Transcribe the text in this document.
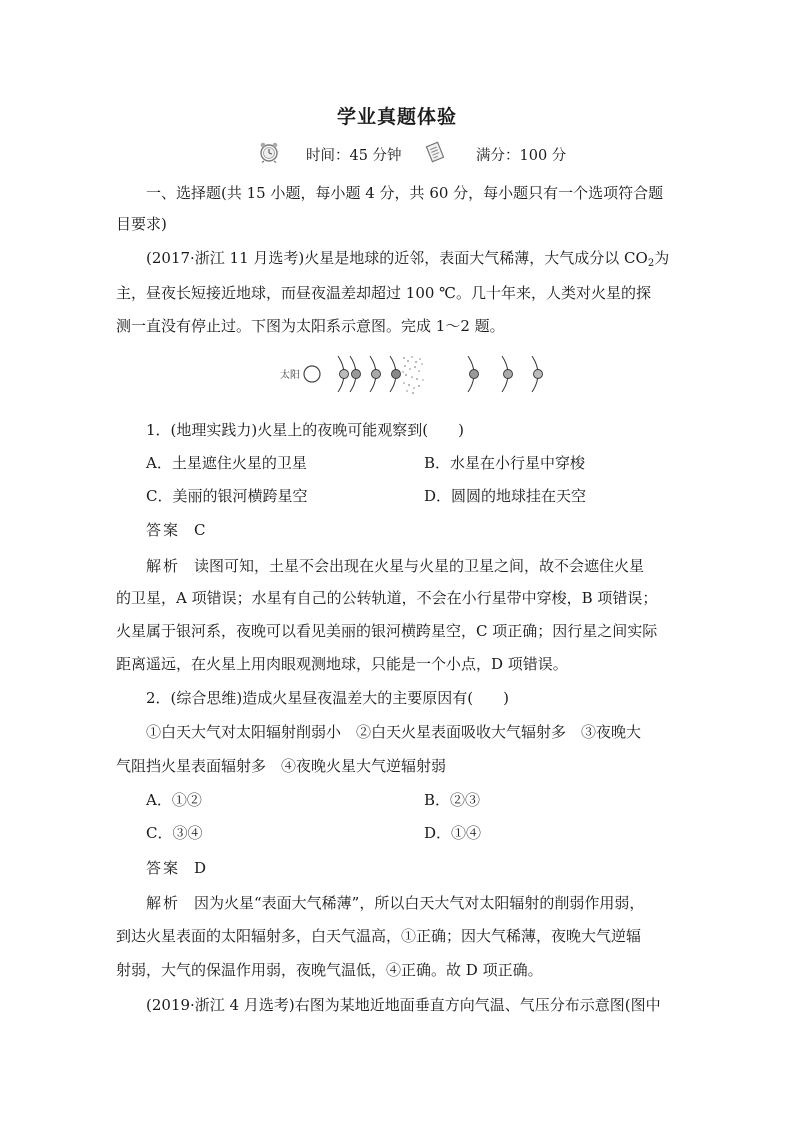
学业真题体验
时间：45 分钟	满分：100 分
一、选择题(共 15 小题，每小题 4 分，共 60 分，每小题只有一个选项符合题
目要求)
(2017·浙江 11 月选考)火星是地球的近邻，表面大气稀薄，大气成分以 $CO_2$为
主，昼夜长短接近地球，而昼夜温差却超过 100 ℃。几十年来，人类对火星的探
测一直没有停止过。下图为太阳系示意图。完成 1～2 题。
太阳
1．(地理实践力)火星上的夜晚可能观察到(　　)
A．土星遮住火星的卫星	B．水星在小行星中穿梭
C．美丽的银河横跨星空	D．圆圆的地球挂在天空
答案 C
解析 读图可知，土星不会出现在火星与火星的卫星之间，故不会遮住火星
的卫星，A 项错误；水星有自己的公转轨道，不会在小行星带中穿梭，B 项错误；
火星属于银河系，夜晚可以看见美丽的银河横跨星空，C 项正确；因行星之间实际
距离遥远，在火星上用肉眼观测地球，只能是一个小点，D 项错误。
2．(综合思维)造成火星昼夜温差大的主要原因有(　　)
①白天大气对太阳辐射削弱小　②白天火星表面吸收大气辐射多　③夜晚大
气阻挡火星表面辐射多　④夜晚火星大气逆辐射弱
A．①②	B．②③
C．③④	D．①④
答案 D
解析 因为火星“表面大气稀薄”，所以白天大气对太阳辐射的削弱作用弱，
到达火星表面的太阳辐射多，白天气温高，①正确；因大气稀薄，夜晚大气逆辐
射弱，大气的保温作用弱，夜晚气温低，④正确。故 D 项正确。
(2019·浙江 4 月选考)右图为某地近地面垂直方向气温、气压分布示意图(图中
